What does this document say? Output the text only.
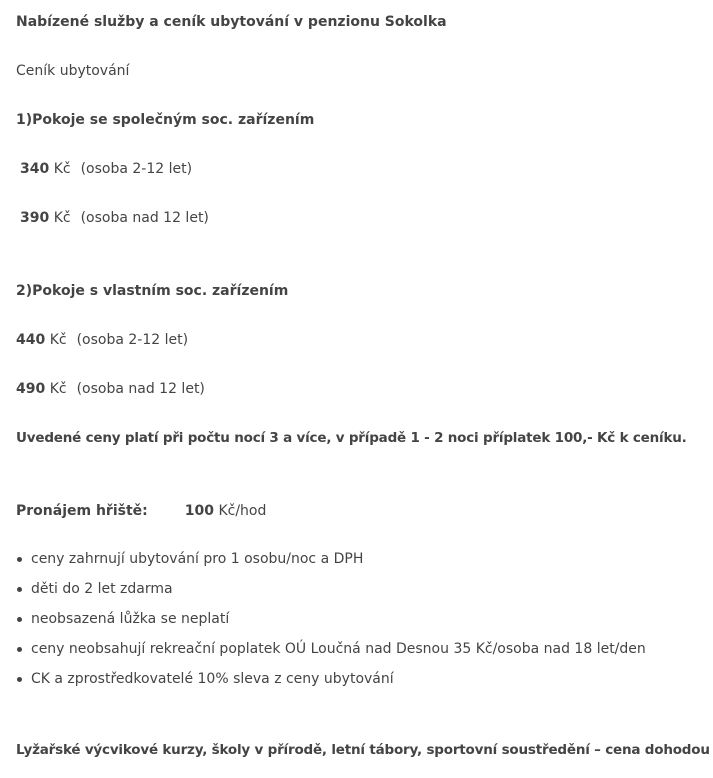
Nabízené služby a ceník ubytování v penzionu Sokolka
Ceník ubytování
1)Pokoje se společným soc. zařízením
340 Kč (osoba 2-12 let)
390 Kč (osoba nad 12 let)
2)Pokoje s vlastním soc. zařízením
440 Kč (osoba 2-12 let)
490 Kč (osoba nad 12 let)
Uvedené ceny platí při počtu nocí 3 a více, v případě 1 - 2 noci příplatek 100,- Kč k ceníku.
Pronájem hřiště:	100 Kč/hod
ceny zahrnují ubytování pro 1 osobu/noc a DPH
děti do 2 let zdarma
neobsazená lůžka se neplatí
ceny neobsahují rekreační poplatek OÚ Loučná nad Desnou 35 Kč/osoba nad 18 let/den
CK a zprostředkovatelé 10% sleva z ceny ubytování
Lyžařské výcvikové kurzy, školy v přírodě, letní tábory, sportovní soustředění – cena dohodou
